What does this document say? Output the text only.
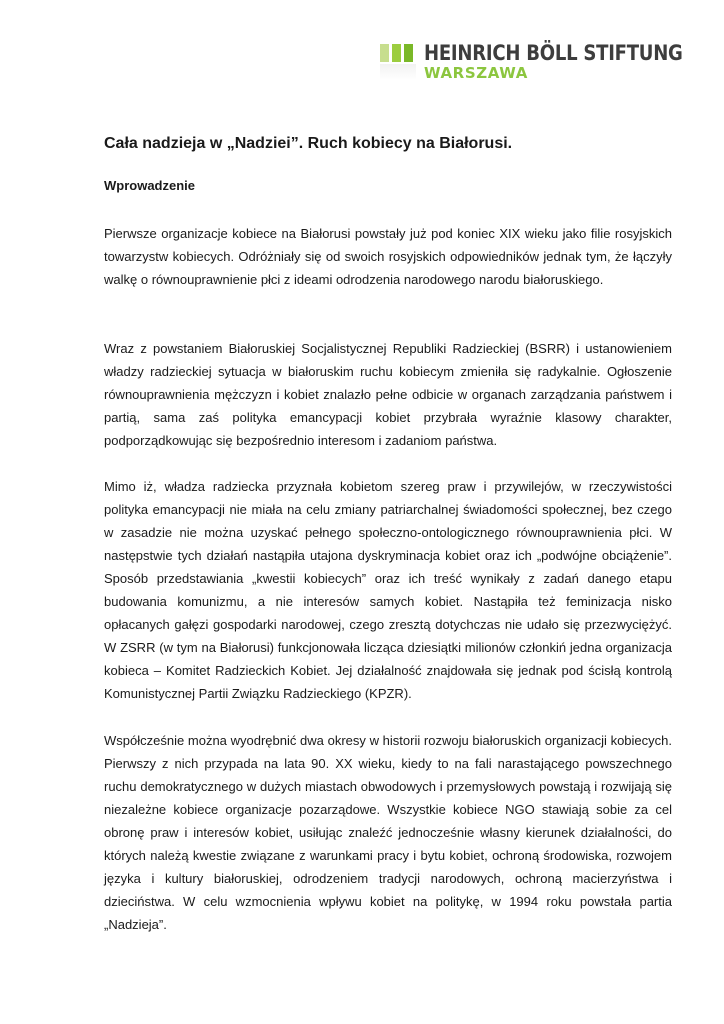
HEINRICH BÖLL STIFTUNG
WARSZAWA
Cała nadzieja w „Nadziei”. Ruch kobiecy na Białorusi.
Wprowadzenie

Pierwsze organizacje kobiece na Białorusi powstały już pod koniec XIX wieku jako filie rosyjskich towarzystw kobiecych. Odróżniały się od swoich rosyjskich odpowiedników jednak tym, że łączyły walkę o równouprawnienie płci z ideami odrodzenia narodowego narodu białoruskiego.

Wraz z powstaniem Białoruskiej Socjalistycznej Republiki Radzieckiej (BSRR) i ustanowieniem władzy radzieckiej sytuacja w białoruskim ruchu kobiecym zmieniła się radykalnie. Ogłoszenie równouprawnienia mężczyzn i kobiet znalazło pełne odbicie w organach zarządzania państwem i partią, sama zaś polityka emancypacji kobiet przybrała wyraźnie klasowy charakter, podporządkowując się bezpośrednio interesom i zadaniom państwa.

Mimo iż, władza radziecka przyznała kobietom szereg praw i przywilejów, w rzeczywistości polityka emancypacji nie miała na celu zmiany patriarchalnej świadomości społecznej, bez czego w zasadzie nie można uzyskać pełnego społeczno-ontologicznego równouprawnienia płci. W następstwie tych działań nastąpiła utajona dyskryminacja kobiet oraz ich „podwójne obciążenie”. Sposób przedstawiania „kwestii kobiecych” oraz ich treść wynikały z zadań danego etapu budowania komunizmu, a nie interesów samych kobiet. Nastąpiła też feminizacja nisko opłacanych gałęzi gospodarki narodowej, czego zresztą dotychczas nie udało się przezwyciężyć. W ZSRR (w tym na Białorusi) funkcjonowała licząca dziesiątki milionów członkiń jedna organizacja kobieca – Komitet Radzieckich Kobiet. Jej działalność znajdowała się jednak pod ścisłą kontrolą Komunistycznej Partii Związku Radzieckiego (KPZR).

Współcześnie można wyodrębnić dwa okresy w historii rozwoju białoruskich organizacji kobiecych. Pierwszy z nich przypada na lata 90. XX wieku, kiedy to na fali narastającego powszechnego ruchu demokratycznego w dużych miastach obwodowych i przemysłowych powstają i rozwijają się niezależne kobiece organizacje pozarządowe. Wszystkie kobiece NGO stawiają sobie za cel obronę praw i interesów kobiet, usiłując znaleźć jednocześnie własny kierunek działalności, do których należą kwestie związane z warunkami pracy i bytu kobiet, ochroną środowiska, rozwojem języka i kultury białoruskiej, odrodzeniem tradycji narodowych, ochroną macierzyństwa i dzieciństwa. W celu wzmocnienia wpływu kobiet na politykę, w 1994 roku powstała partia „Nadzieja”.
